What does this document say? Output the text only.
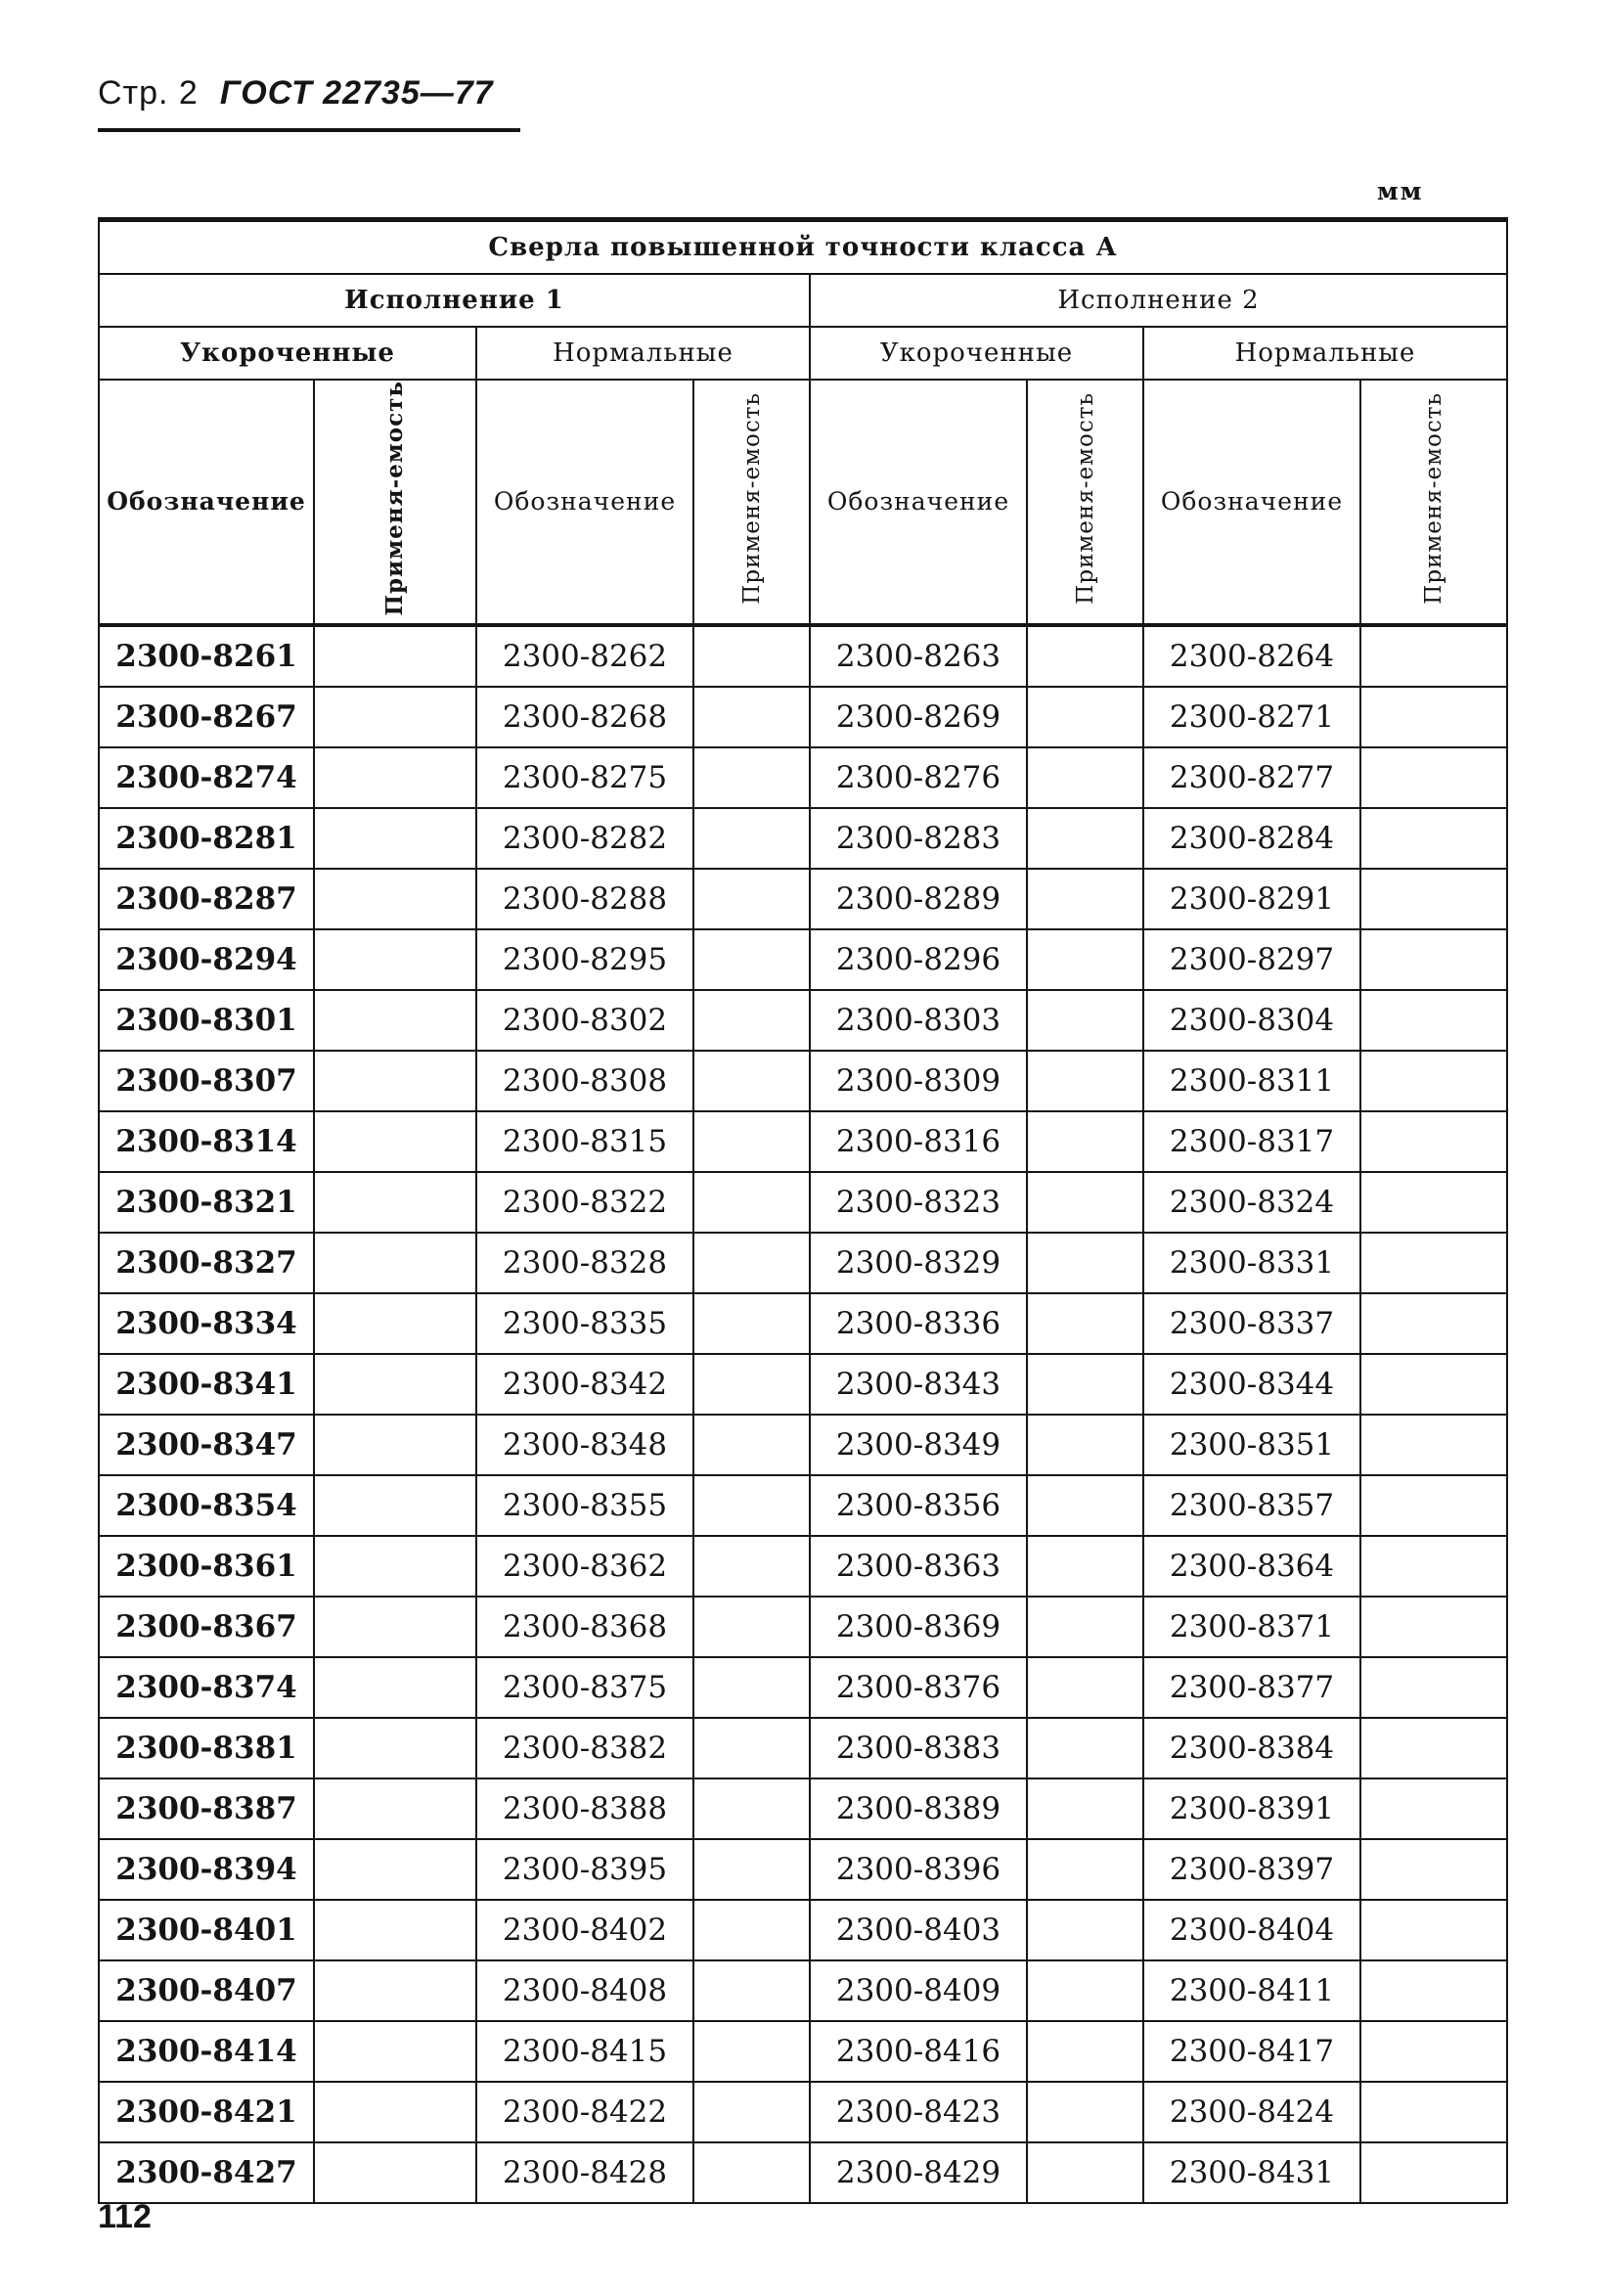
Стр. 2 ГОСТ 22735—77
мм
Сверла повышенной точности класса А							
Исполнение 1				Исполнение 2			
Укороченные		Нормальные		Укороченные		Нормальные	
Обозначение	Применя-емость	Обозначение	Применя-емость	Обозначение	Применя-емость	Обозначение	Применя-емость
2300-8261		2300-8262		2300-8263		2300-8264	
2300-8267		2300-8268		2300-8269		2300-8271	
2300-8274		2300-8275		2300-8276		2300-8277	
2300-8281		2300-8282		2300-8283		2300-8284	
2300-8287		2300-8288		2300-8289		2300-8291	
2300-8294		2300-8295		2300-8296		2300-8297	
2300-8301		2300-8302		2300-8303		2300-8304	
2300-8307		2300-8308		2300-8309		2300-8311	
2300-8314		2300-8315		2300-8316		2300-8317	
2300-8321		2300-8322		2300-8323		2300-8324	
2300-8327		2300-8328		2300-8329		2300-8331	
2300-8334		2300-8335		2300-8336		2300-8337	
2300-8341		2300-8342		2300-8343		2300-8344	
2300-8347		2300-8348		2300-8349		2300-8351	
2300-8354		2300-8355		2300-8356		2300-8357	
2300-8361		2300-8362		2300-8363		2300-8364	
2300-8367		2300-8368		2300-8369		2300-8371	
2300-8374		2300-8375		2300-8376		2300-8377	
2300-8381		2300-8382		2300-8383		2300-8384	
2300-8387		2300-8388		2300-8389		2300-8391	
2300-8394		2300-8395		2300-8396		2300-8397	
2300-8401		2300-8402		2300-8403		2300-8404	
2300-8407		2300-8408		2300-8409		2300-8411	
2300-8414		2300-8415		2300-8416		2300-8417	
2300-8421		2300-8422		2300-8423		2300-8424	
2300-8427		2300-8428		2300-8429		2300-8431	
112
